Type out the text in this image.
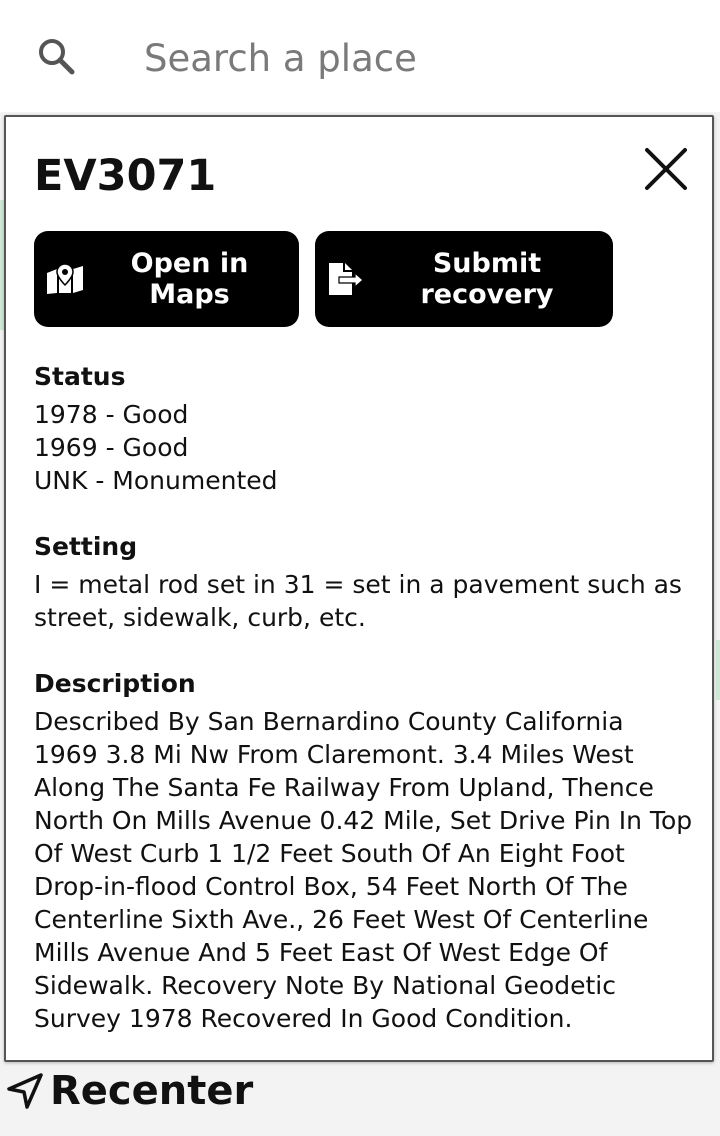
Search a place
EV3071
Open in Maps
Submit recovery
Status
1978 - Good
1969 - Good
UNK - Monumented
Setting
I = metal rod set in 31 = set in a pavement such as street, sidewalk, curb, etc.
Description
Described By San Bernardino County California 1969 3.8 Mi Nw From Claremont. 3.4 Miles West Along The Santa Fe Railway From Upland, Thence North On Mills Avenue 0.42 Mile, Set Drive Pin In Top Of West Curb 1 1/2 Feet South Of An Eight Foot Drop-in-flood Control Box, 54 Feet North Of The Centerline Sixth Ave., 26 Feet West Of Centerline Mills Avenue And 5 Feet East Of West Edge Of Sidewalk. Recovery Note By National Geodetic Survey 1978 Recovered In Good Condition.
Recenter
